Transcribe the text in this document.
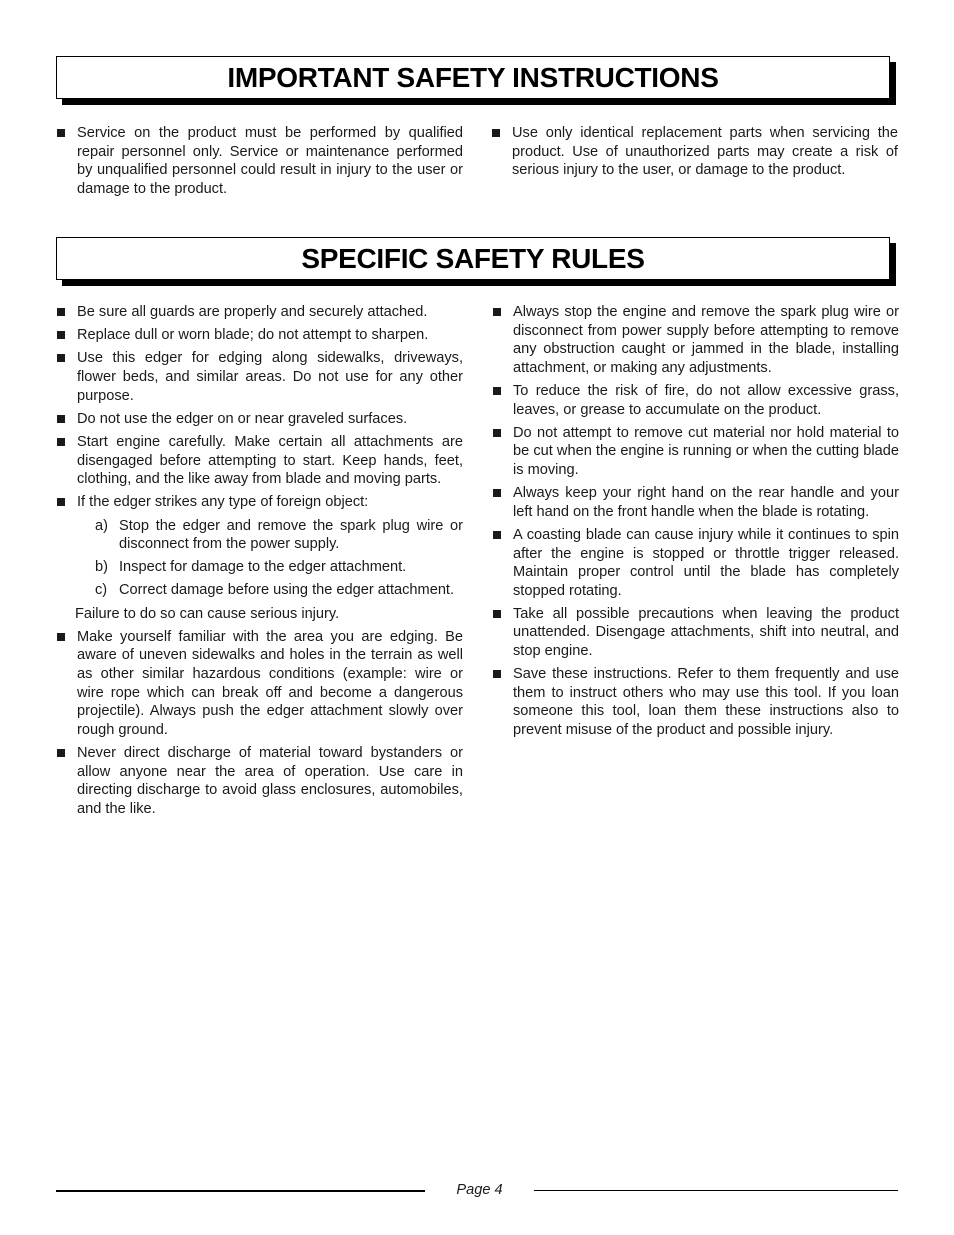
IMPORTANT SAFETY INSTRUCTIONS
Service on the product must be performed by qualified repair personnel only. Service or maintenance performed by unqualified personnel could result in injury to the user or damage to the product.
Use only identical replacement parts when servicing the product. Use of unauthorized parts may create a risk of serious injury to the user, or damage to the product.
SPECIFIC SAFETY RULES
Be sure all guards are properly and securely attached.
Replace dull or worn blade; do not attempt to sharpen.
Use this edger for edging along sidewalks, driveways, flower beds, and similar areas. Do not use for any other purpose.
Do not use the edger on or near graveled surfaces.
Start engine carefully. Make certain all attachments are disengaged before attempting to start. Keep hands, feet, clothing, and the like away from blade and moving parts.
If the edger strikes any type of foreign object:
a) Stop the edger and remove the spark plug wire or disconnect from the power supply.
b) Inspect for damage to the edger attachment.
c) Correct damage before using the edger attachment.
Failure to do so can cause serious injury.
Make yourself familiar with the area you are edging. Be aware of uneven sidewalks and holes in the terrain as well as other similar hazardous conditions (example: wire or wire rope which can break off and become a dangerous projectile). Always push the edger attachment slowly over rough ground.
Never direct discharge of material toward bystanders or allow anyone near the area of operation. Use care in directing discharge to avoid glass enclosures, automobiles, and the like.
Always stop the engine and remove the spark plug wire or disconnect from power supply before attempting to remove any obstruction caught or jammed in the blade, installing attachment, or making any adjustments.
To reduce the risk of fire, do not allow excessive grass, leaves, or grease to accumulate on the product.
Do not attempt to remove cut material nor hold material to be cut when the engine is running or when the cutting blade is moving.
Always keep your right hand on the rear handle and your left hand on the front handle when the blade is rotating.
A coasting blade can cause injury while it continues to spin after the engine is stopped or throttle trigger released. Maintain proper control until the blade has completely stopped rotating.
Take all possible precautions when leaving the product unattended. Disengage attachments, shift into neutral, and stop engine.
Save these instructions. Refer to them frequently and use them to instruct others who may use this tool. If you loan someone this tool, loan them these instructions also to prevent misuse of the product and possible injury.
Page 4
